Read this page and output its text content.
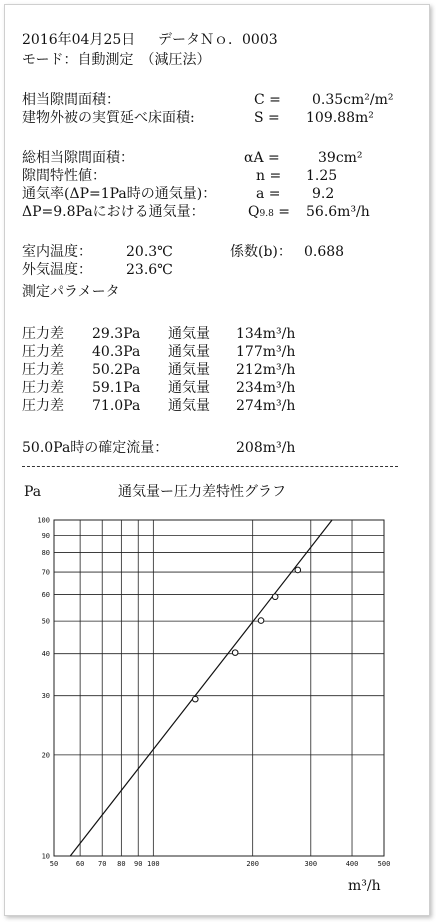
2016年04月25日 データＮｏ．0003
モード：自動測定　（減圧法）
相当隙間面積：	C = 0.35cm²/m²
建物外被の実質延べ床面積:	S = 109.88m²
総相当隙間面積：	αA =	39cm²
隙間特性値：	n = 1.25
通気率(ΔP=1Pa時の通気量)：	a = 9.2
ΔP=9.8Paにおける通気量：	Q9.8 = 56.6m³/h
室内温度： 20.3℃	係数(b)： 0.688
外気温度： 23.6℃
測定パラメータ
圧力差 29.3Pa 通気量 134m³/h
圧力差 40.3Pa 通気量 177m³/h
圧力差 50.2Pa 通気量 212m³/h
圧力差 59.1Pa 通気量 234m³/h
圧力差 71.0Pa 通気量 274m³/h
50.0Pa時の確定流量：	208m³/h
通気量ー圧力差特性グラフ
Pa
m³/h
50	60 70 80 90 100	200	300	400	500
10
20
30
40
50
60
70
80
90
100
